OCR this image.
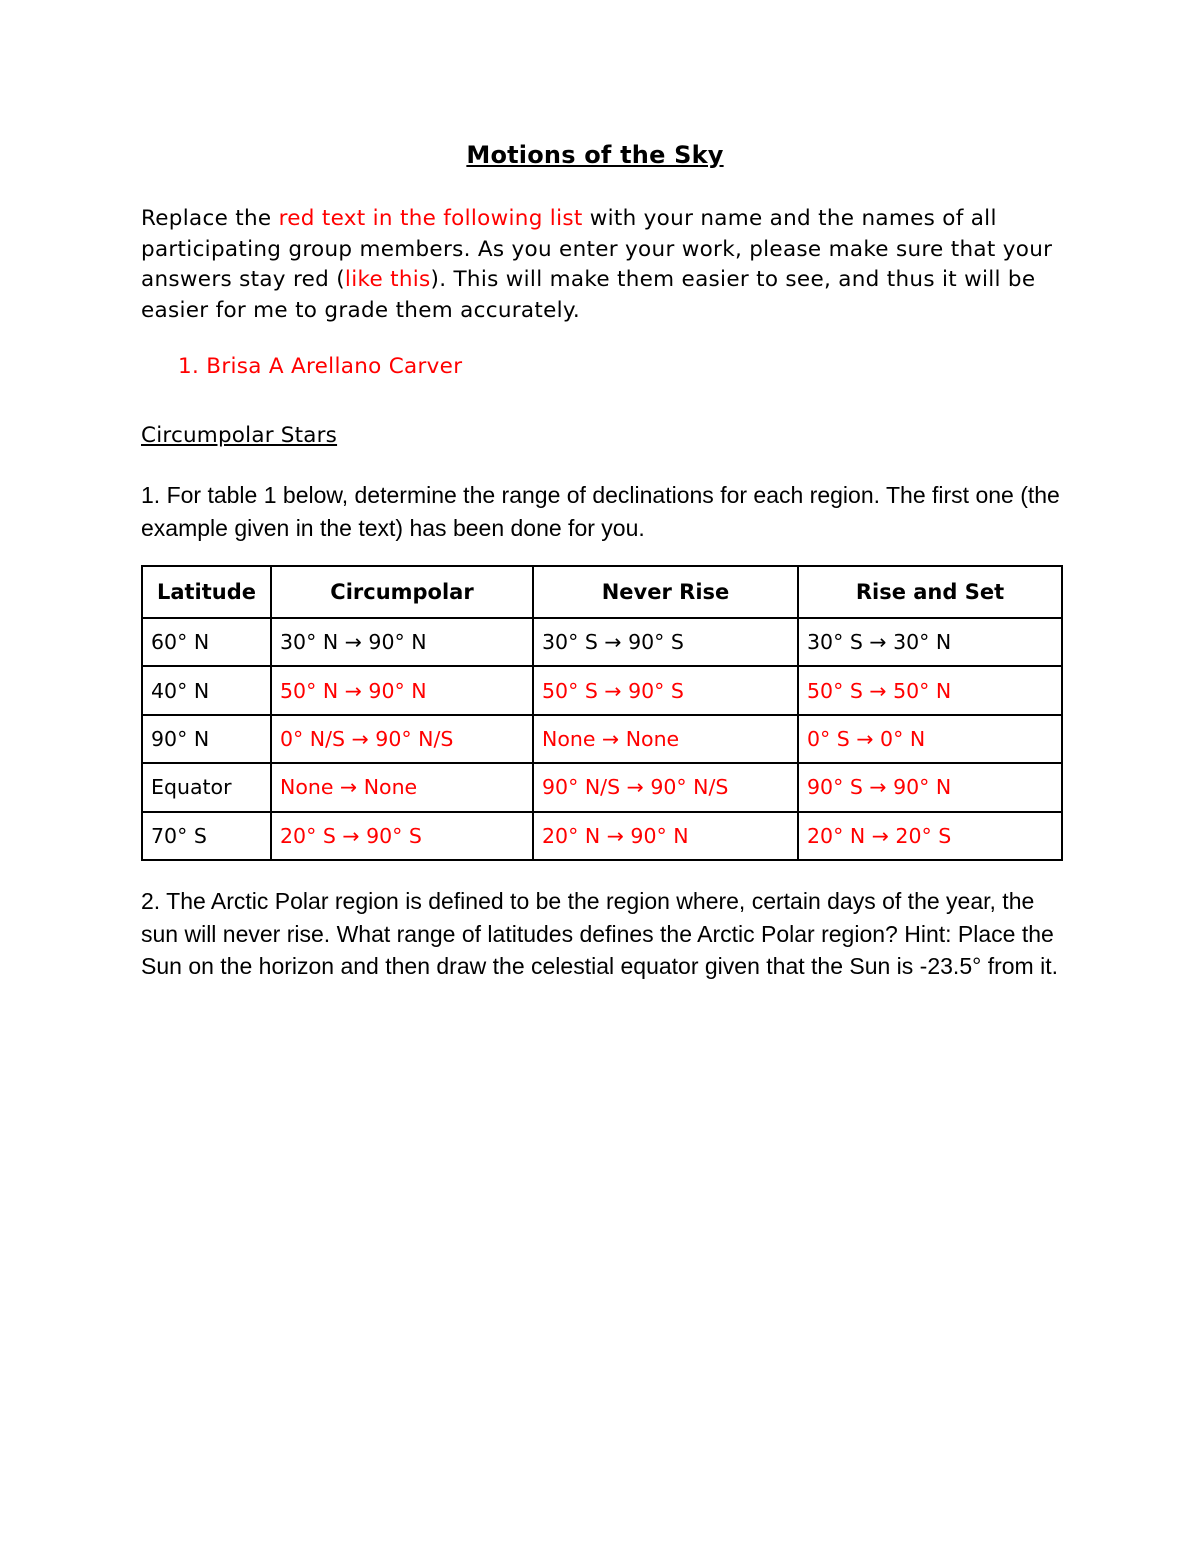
Motions of the Sky
Replace the red text in the following list with your name and the names of all participating group members. As you enter your work, please make sure that your answers stay red (like this). This will make them easier to see, and thus it will be easier for me to grade them accurately.
1. Brisa A Arellano Carver
Circumpolar Stars
1. For table 1 below, determine the range of declinations for each region. The first one (the example given in the text) has been done for you.
Latitude	Circumpolar	Never Rise	Rise and Set
60° N	30° N → 90° N	30° S → 90° S	30° S → 30° N
40° N	50° N → 90° N	50° S → 90° S	50° S → 50° N
90° N	0° N/S → 90° N/S	None → None	0° S → 0° N
Equator	None → None	90° N/S → 90° N/S	90° S → 90° N
70° S	20° S → 90° S	20° N → 90° N	20° N → 20° S
2. The Arctic Polar region is defined to be the region where, certain days of the year, the sun will never rise. What range of latitudes defines the Arctic Polar region? Hint: Place the Sun on the horizon and then draw the celestial equator given that the Sun is -23.5° from it.
